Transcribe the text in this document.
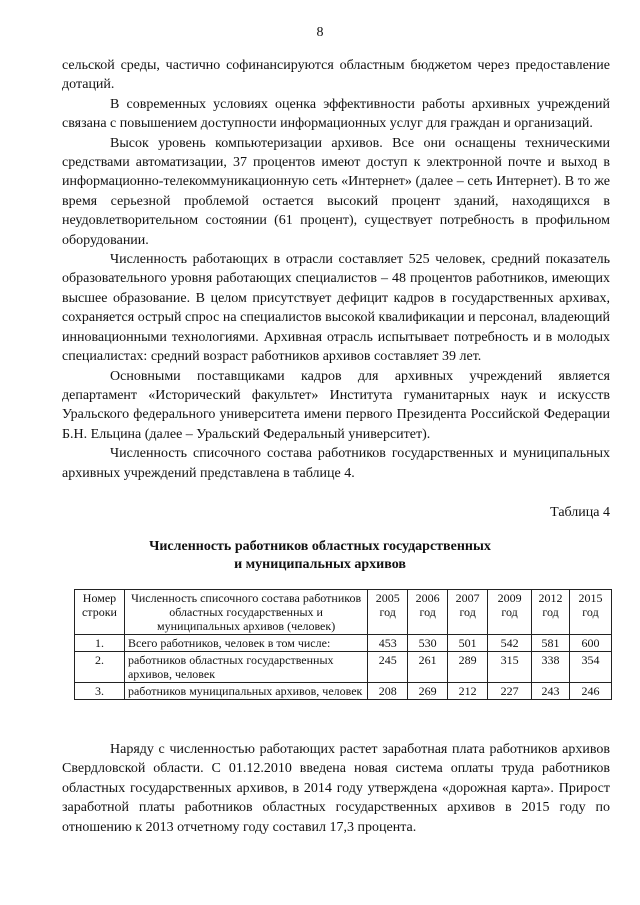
8

сельской среды, частично софинансируются областным бюджетом через предоставление дотаций.

В современных условиях оценка эффективности работы архивных учреждений связана с повышением доступности информационных услуг для граждан и организаций.

Высок уровень компьютеризации архивов. Все они оснащены техническими средствами автоматизации, 37 процентов имеют доступ к электронной почте и выход в информационно-телекоммуникационную сеть «Интернет» (далее – сеть Интернет). В то же время серьезной проблемой остается высокий процент зданий, находящихся в неудовлетворительном состоянии (61 процент), существует потребность в профильном оборудовании.

Численность работающих в отрасли составляет 525 человек, средний показатель образовательного уровня работающих специалистов – 48 процентов работников, имеющих высшее образование. В целом присутствует дефицит кадров в государственных архивах, сохраняется острый спрос на специалистов высокой квалификации и персонал, владеющий инновационными технологиями. Архивная отрасль испытывает потребность и в молодых специалистах: средний возраст работников архивов составляет 39 лет.

Основными поставщиками кадров для архивных учреждений является департамент «Исторический факультет» Института гуманитарных наук и искусств Уральского федерального университета имени первого Президента Российской Федерации Б.Н. Ельцина (далее – Уральский Федеральный университет).

Численность списочного состава работников государственных и муниципальных архивных учреждений представлена в таблице 4.

Таблица 4
Численность работников областных государственных
и муниципальных архивов
Номер строки	Численность списочного состава работников областных государственных и муниципальных архивов (человек)	2005 год	2006 год	2007 год	2009 год	2012 год	2015 год
1.	Всего работников, человек в том числе:	453	530	501	542	581	600
2.	работников областных государственных архивов, человек	245	261	289	315	338	354
3.	работников муниципальных архивов, человек	208	269	212	227	243	246

Наряду с численностью работающих растет заработная плата работников архивов Свердловской области. С 01.12.2010 введена новая система оплаты труда работников областных государственных архивов, в 2014 году утверждена «дорожная карта». Прирост заработной платы работников областных государственных архивов в 2015 году по отношению к 2013 отчетному году составил 17,3 процента.
